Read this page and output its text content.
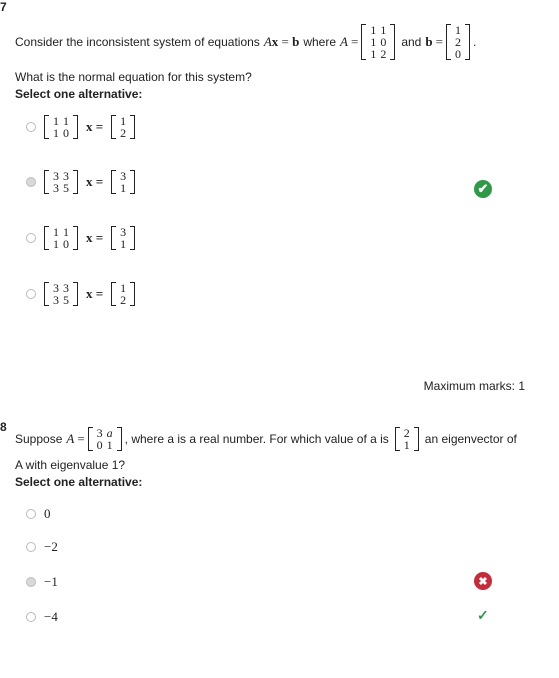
7
Consider the inconsistent system of equations Ax = b where A =
1 1
1 0
1 2
and b =
1
2
0
.
What is the normal equation for this system?
Select one alternative:
1 1
1 0 x = 1
2
3 3
3 5 x = 3
1	✔
1 1
1 0 x = 3
1
3 3
3 5 x = 1
2
Maximum marks: 1
8
Suppose A = 3 a
0 1 , where a is a real number. For which value of a is 2
1 an eigenvector of
A with eigenvalue 1?
Select one alternative:
0
−2
−1	✖
−4	✓
